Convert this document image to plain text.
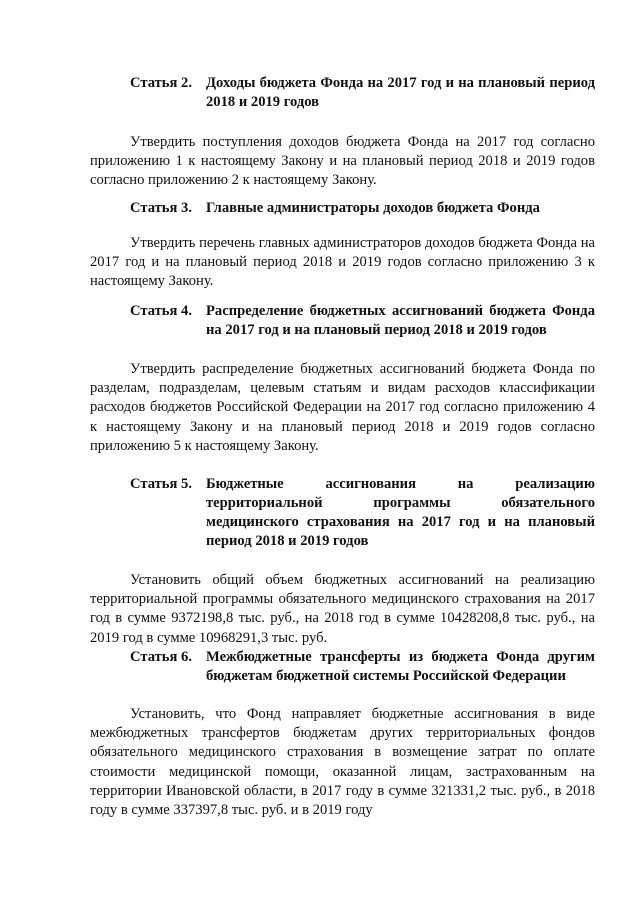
Статья 2. Доходы бюджета Фонда на 2017 год и на плановый период 2018 и 2019 годов
Утвердить поступления доходов бюджета Фонда на 2017 год согласно приложению 1 к настоящему Закону и на плановый период 2018 и 2019 годов согласно приложению 2 к настоящему Закону.
Статья 3. Главные администраторы доходов бюджета Фонда
Утвердить перечень главных администраторов доходов бюджета Фонда на 2017 год и на плановый период 2018 и 2019 годов согласно приложению 3 к настоящему Закону.
Статья 4. Распределение бюджетных ассигнований бюджета Фонда на 2017 год и на плановый период 2018 и 2019 годов
Утвердить распределение бюджетных ассигнований бюджета Фонда по разделам, подразделам, целевым статьям и видам расходов классификации расходов бюджетов Российской Федерации на 2017 год согласно приложению 4 к настоящему Закону и на плановый период 2018 и 2019 годов согласно приложению 5 к настоящему Закону.
Статья 5. Бюджетные ассигнования на реализацию территориальной программы обязательного медицинского страхования на 2017 год и на плановый период 2018 и 2019 годов
Установить общий объем бюджетных ассигнований на реализацию территориальной программы обязательного медицинского страхования на 2017 год в сумме 9372198,8 тыс. руб., на 2018 год в сумме 10428208,8 тыс. руб., на 2019 год в сумме 10968291,3 тыс. руб.
Статья 6. Межбюджетные трансферты из бюджета Фонда другим бюджетам бюджетной системы Российской Федерации
Установить, что Фонд направляет бюджетные ассигнования в виде межбюджетных трансфертов бюджетам других территориальных фондов обязательного медицинского страхования в возмещение затрат по оплате стоимости медицинской помощи, оказанной лицам, застрахованным на территории Ивановской области, в 2017 году в сумме 321331,2 тыс. руб., в 2018 году в сумме 337397,8 тыс. руб. и в 2019 году
